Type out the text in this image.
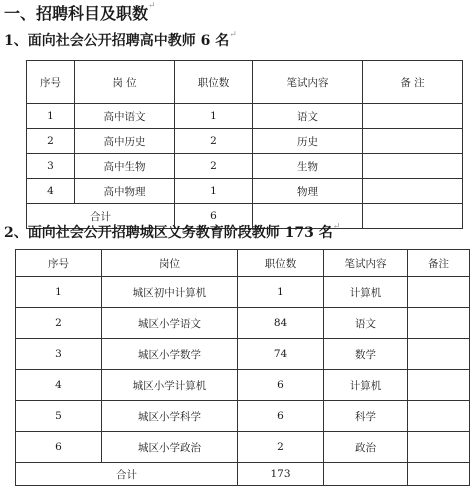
一、招聘科目及职数↵
1、面向社会公开招聘高中教师 6 名↵
序号	岗 位	职位数	笔试内容	备 注
1	高中语文	1	语文	
2	高中历史	2	历史	
3	高中生物	2	生物	
4	高中物理	1	物理	
合计		6		
2、面向社会公开招聘城区义务教育阶段教师 173 名↵
序号	岗位	职位数	笔试内容	备注
1	城区初中计算机	1	计算机	
2	城区小学语文	84	语文	
3	城区小学数学	74	数学	
4	城区小学计算机	6	计算机	
5	城区小学科学	6	科学	
6	城区小学政治	2	政治	
合计		173		
